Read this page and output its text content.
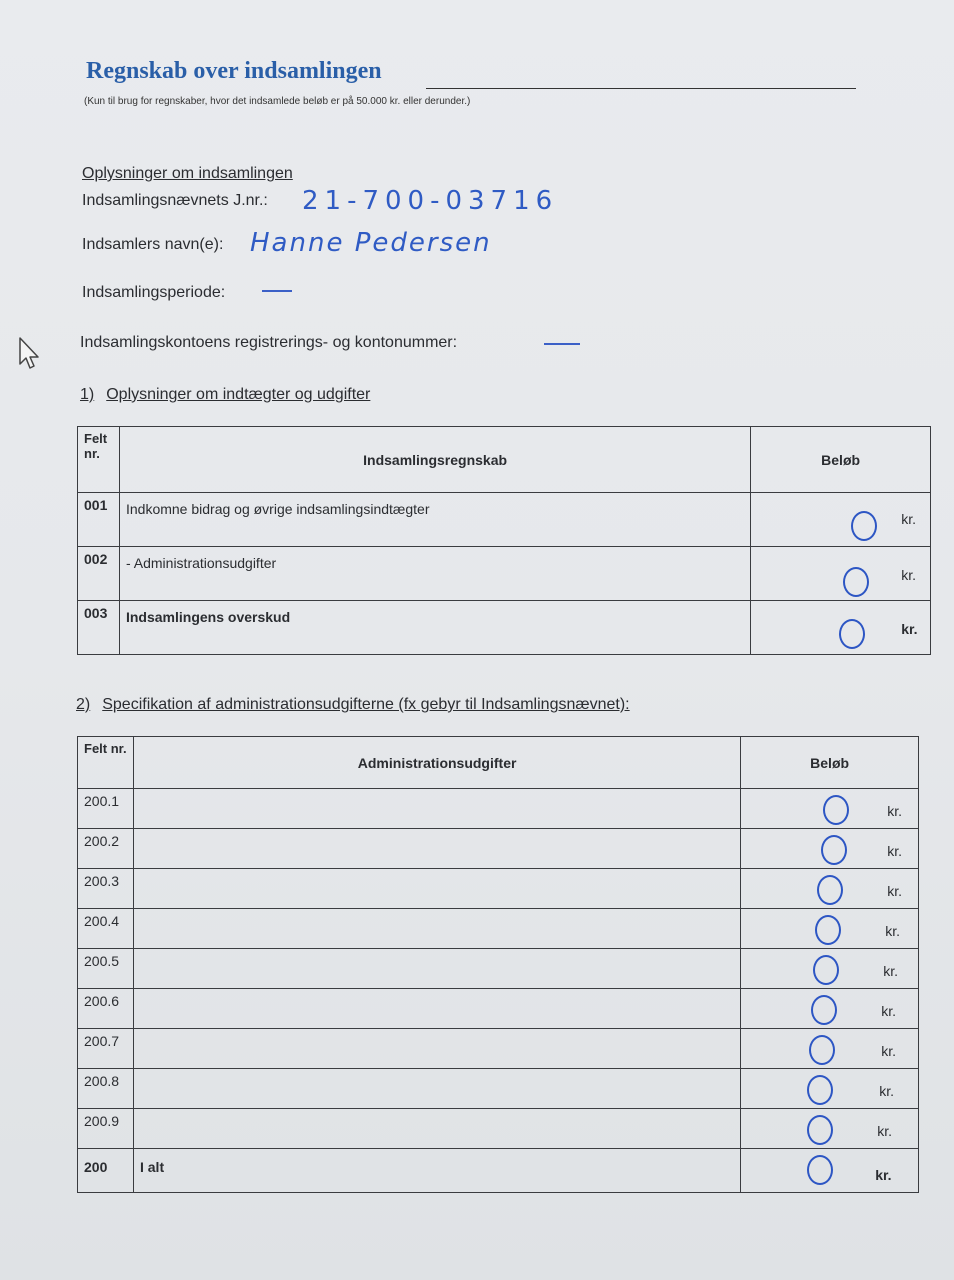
Regnskab over indsamlingen
(Kun til brug for regnskaber, hvor det indsamlede beløb er på 50.000 kr. eller derunder.)
Oplysninger om indsamlingen
Indsamlingsnævnets J.nr.: 21-700-03716
Indsamlers navn(e): Hanne Pedersen
Indsamlingsperiode:
Indsamlingskontoens registrerings- og kontonummer:
1) Oplysninger om indtægter og udgifter
Felt nr.	Indsamlingsregnskab	Beløb
001	Indkomne bidrag og øvrige indsamlingsindtægter	kr.

002	- Administrationsudgifter	kr.

003	Indsamlingens overskud	kr.
2) Specifikation af administrationsudgifterne (fx gebyr til Indsamlingsnævnet):
Felt nr.	Administrationsudgifter	Beløb
200.1		kr.

200.2		kr.

200.3		kr.

200.4		kr.

200.5		kr.

200.6		kr.

200.7		kr.

200.8		kr.

200.9		kr.

200	I alt	kr.
